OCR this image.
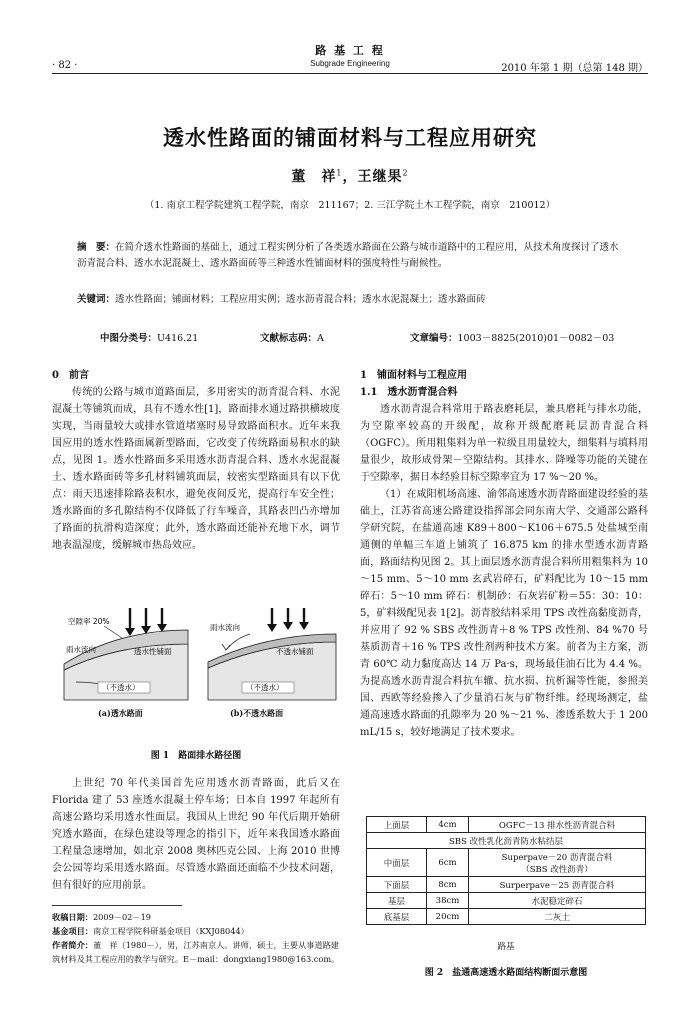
· 82 ·
路 基 工 程
Subgrade Engineering	2010 年第 1 期（总第 148 期）
透水性路面的铺面材料与工程应用研究
董　祥$^1$，王继果$^2$
（1. 南京工程学院建筑工程学院，南京　211167；2. 三江学院土木工程学院，南京　210012）
摘　要：在简介透水性路面的基础上，通过工程实例分析了各类透水路面在公路与城市道路中的工程应用，从技术角度探讨了透水沥青混合料、透水水泥混凝土、透水路面砖等三种透水性铺面材料的强度特性与耐候性。
关键词：透水性路面；铺面材料；工程应用实例；透水沥青混合料；透水水泥混凝土；透水路面砖
中图分类号：U416.21	文献标志码：A	文章编号：1003－8825(2010)01－0082－03
0　前言

传统的公路与城市道路面层，多用密实的沥青混合料、水泥混凝土等铺筑而成，具有不透水性[1]，路面排水通过路拱横坡度实现，当雨量较大或排水管道堵塞时易导致路面积水。近年来我国应用的透水性路面属新型路面，它改变了传统路面易积水的缺点，见图 1。透水性路面多采用透水沥青混合料、透水水泥混凝土、透水路面砖等多孔材料铺筑面层，较密实型路面具有以下优点：雨天迅速排除路表积水，避免夜间反光，提高行车安全性；透水路面的多孔隙结构不仅降低了行车噪音，其路表凹凸亦增加了路面的抗滑构造深度；此外，透水路面还能补充地下水，调节地表温湿度，缓解城市热岛效应。

空隙率 20%
雨水流向	透水性铺面
雨水流向
不透水铺面
（不透水）	（不透水）
(a)透水路面	(b)不透水路面
图 1　路面排水路径图

上世纪 70 年代美国首先应用透水沥青路面，此后又在 Florida 建了 53 座透水混凝土停车场；日本自 1997 年起所有高速公路均采用透水性面层。我国从上世纪 90 年代后期开始研究透水路面，在绿色建设等理念的指引下，近年来我国透水路面工程量急速增加，如北京 2008 奥林匹克公园、上海 2010 世博会公园等均采用透水路面。尽管透水路面还面临不少技术问题，但有很好的应用前景。

收稿日期：2009－02－19
基金项目：南京工程学院科研基金项目（KXJ08044）
作者简介：董　祥（1980－），男，江苏南京人。讲师，硕士，主要从事道路建筑材料及其工程应用的教学与研究。E－mail：dongxiang1980@163.com。
1　铺面材料与工程应用
1.1　透水沥青混合料

透水沥青混合料常用于路表磨耗层，兼具磨耗与排水功能，为空隙率较高的开级配，故称开级配磨耗层沥青混合料（OGFC）。所用粗集料为单一粒级且用量较大，细集料与填料用量很少，故形成骨架－空隙结构。其排水、降噪等功能的关键在于空隙率，据日本经验目标空隙率宜为 17 %～20 %。

（1）在咸阳机场高速、渝邻高速透水沥青路面建设经验的基础上，江苏省高速公路建设指挥部会同东南大学、交通部公路科学研究院，在盐通高速 K89＋800～K106＋675.5 处盐城至南通侧的单幅三车道上铺筑了 16.875 km 的排水型透水沥青路面，路面结构见图 2。其上面层透水沥青混合料所用粗集料为 10～15 mm、5～10 mm 玄武岩碎石，矿料配比为 10～15 mm 碎石：5～10 mm 碎石：机制砂：石灰岩矿粉＝55：30：10：5，矿料级配见表 1[2]。沥青胶结料采用 TPS 改性高黏度沥青，并应用了 92 % SBS 改性沥青＋8 % TPS 改性剂、84 %70 号基质沥青＋16 % TPS 改性剂两种技术方案。前者为主方案，沥青 60℃ 动力黏度高达 14 万 Pa·s，现场最佳油石比为 4.4 %。为提高透水沥青混合料抗车辙、抗水损、抗析漏等性能，参照美国、西欧等经验掺入了少量消石灰与矿物纤维。经现场测定，盐通高速透水路面的孔隙率为 20 %～21 %、渗透系数大于 1 200 mL/15 s，较好地满足了技术要求。

上面层	4cm	OGFC－13 排水性沥青混合料
SBS 改性乳化沥青防水粘结层		
中面层	6cm	Superpave－20 沥青混合料
（SBS 改性沥青）

下面层	8cm	Surperpave－25 沥青混合料
基层	38cm	水泥稳定碎石
底基层	20cm	二灰土
路基
图 2　盐通高速透水路面结构断面示意图
